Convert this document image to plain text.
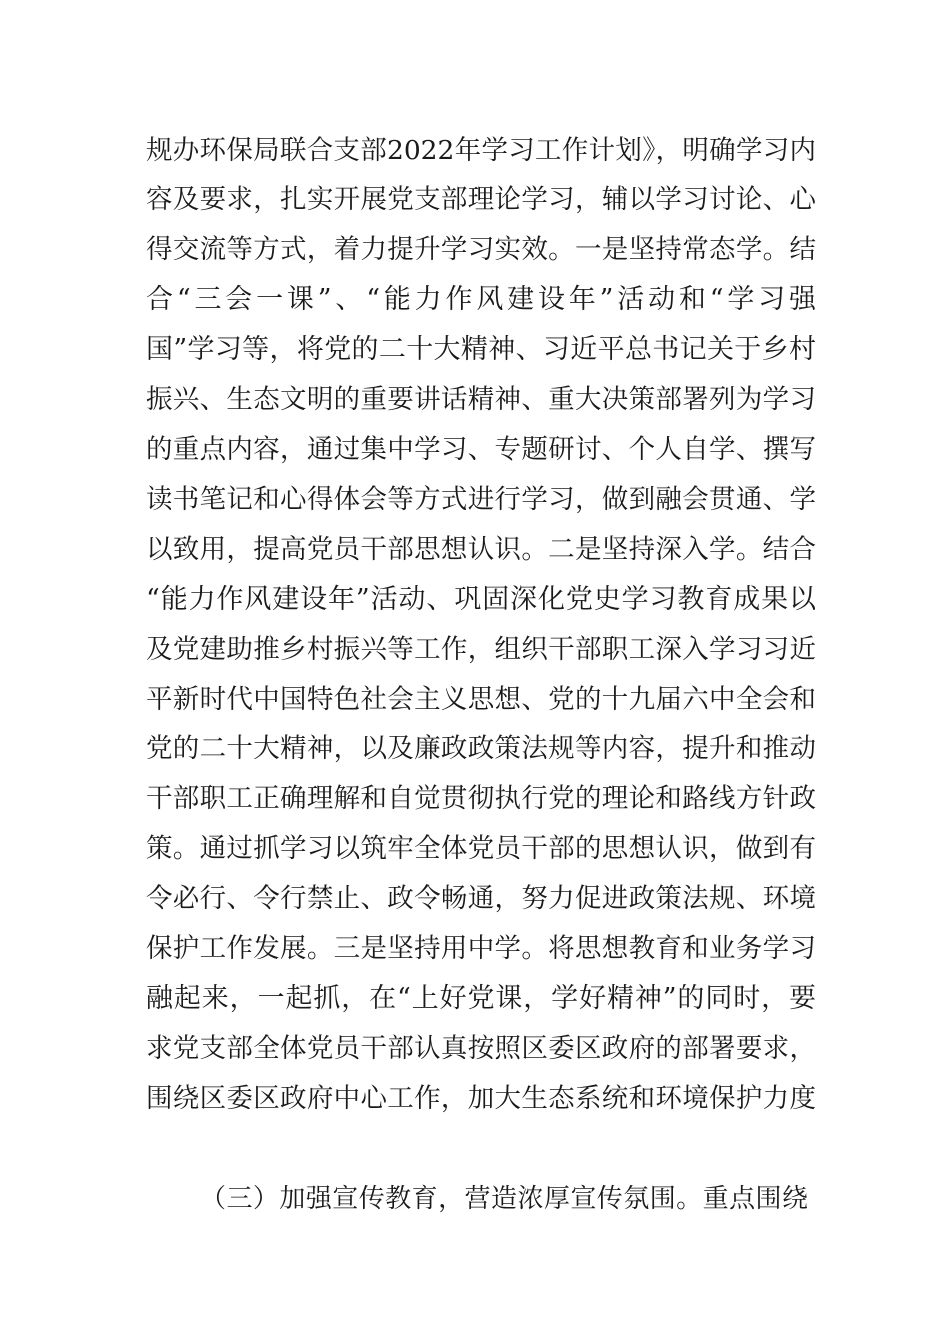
规办环保局联合支部2022年学习工作计划》，明确学习内
容及要求，扎实开展党支部理论学习，辅以学习讨论、心
得交流等方式，着力提升学习实效。一是坚持常态学。结
合“三会一课”、“能力作风建设年”活动和“学习强
国”学习等，将党的二十大精神、习近平总书记关于乡村
振兴、生态文明的重要讲话精神、重大决策部署列为学习
的重点内容，通过集中学习、专题研讨、个人自学、撰写
读书笔记和心得体会等方式进行学习，做到融会贯通、学
以致用，提高党员干部思想认识。二是坚持深入学。结合
“能力作风建设年”活动、巩固深化党史学习教育成果以
及党建助推乡村振兴等工作，组织干部职工深入学习习近
平新时代中国特色社会主义思想、党的十九届六中全会和
党的二十大精神，以及廉政政策法规等内容，提升和推动
干部职工正确理解和自觉贯彻执行党的理论和路线方针政
策。通过抓学习以筑牢全体党员干部的思想认识，做到有
令必行、令行禁止、政令畅通，努力促进政策法规、环境
保护工作发展。三是坚持用中学。将思想教育和业务学习
融起来，一起抓，在“上好党课，学好精神”的同时，要
求党支部全体党员干部认真按照区委区政府的部署要求，
围绕区委区政府中心工作，加大生态系统和环境保护力度
（三）加强宣传教育，营造浓厚宣传氛围。重点围绕
